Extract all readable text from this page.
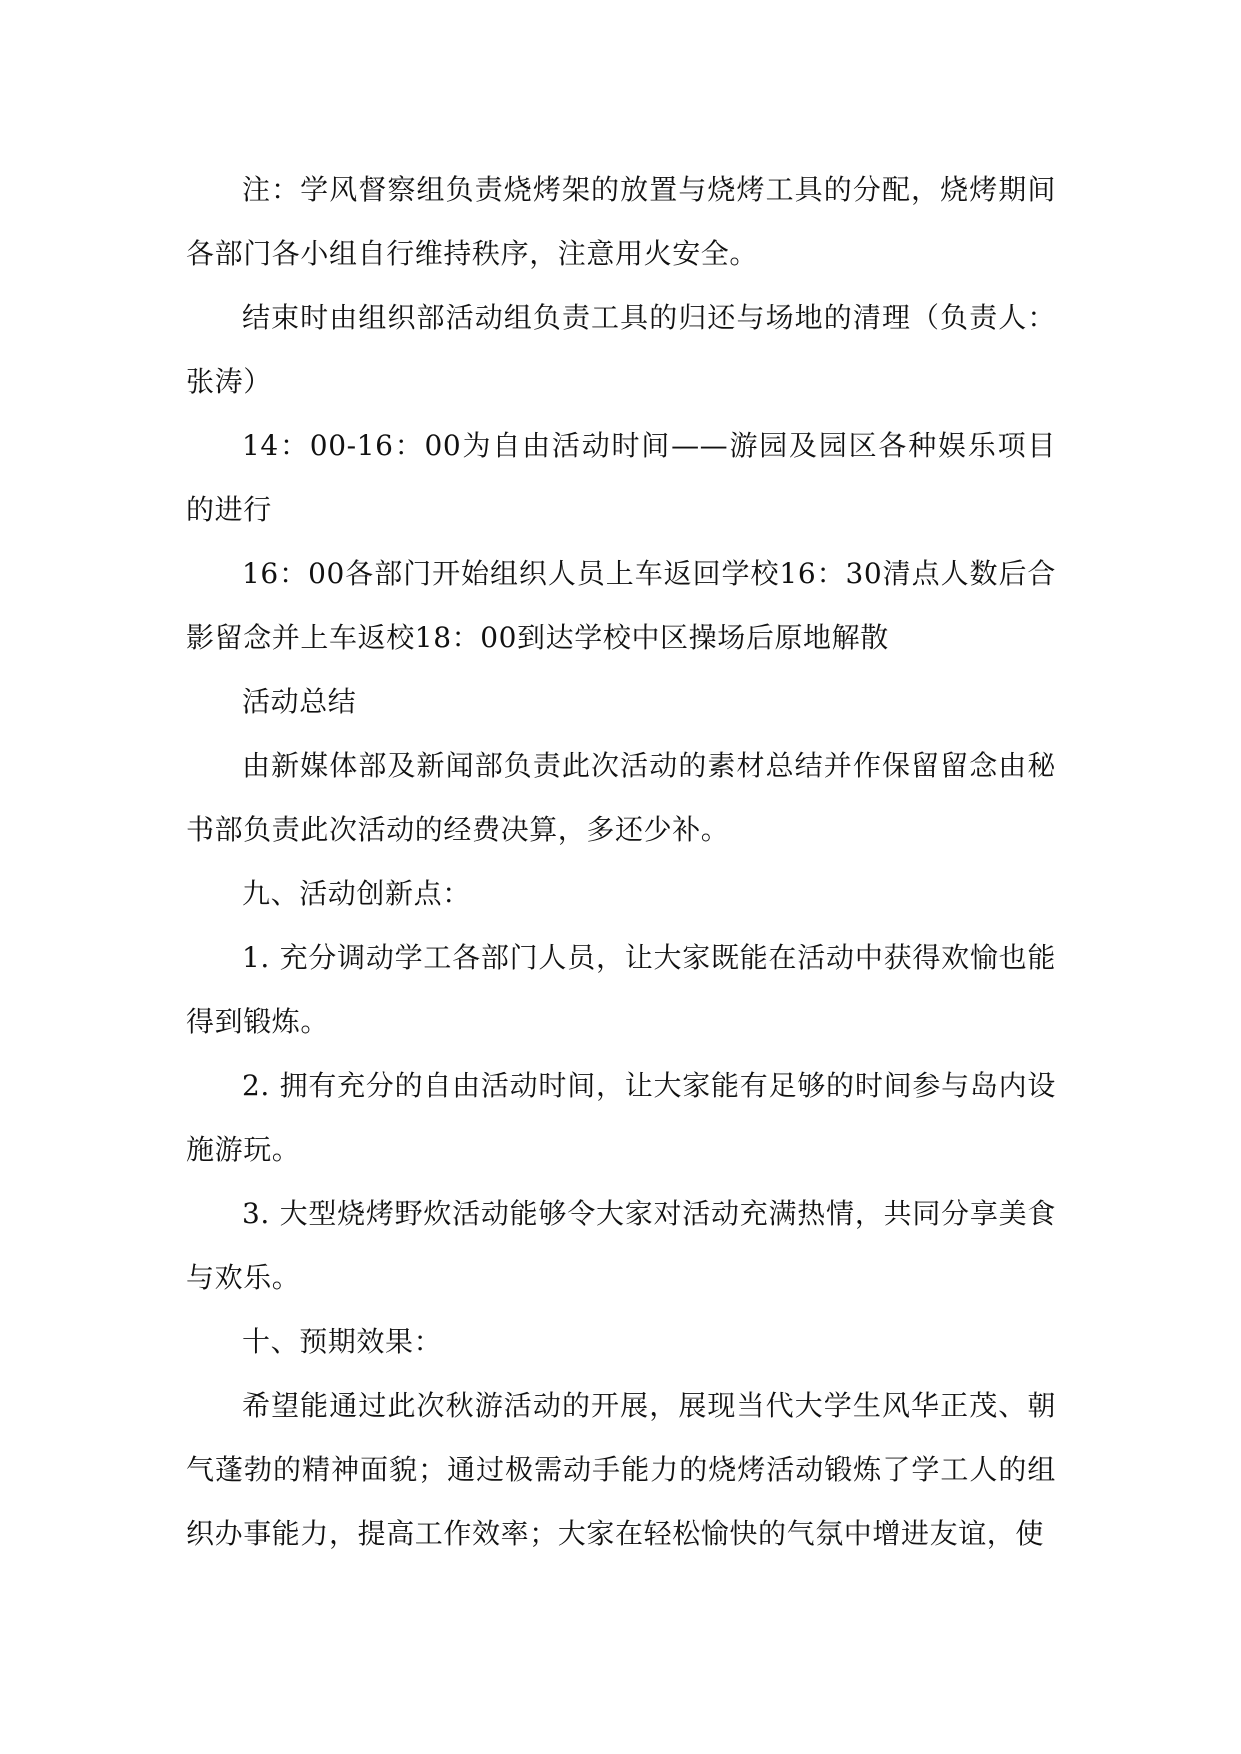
注：学风督察组负责烧烤架的放置与烧烤工具的分配，烧烤期间各部门各小组自行维持秩序，注意用火安全。

结束时由组织部活动组负责工具的归还与场地的清理（负责人：张涛）

14：00-16：00为自由活动时间——游园及园区各种娱乐项目的进行

16：00各部门开始组织人员上车返回学校16：30清点人数后合影留念并上车返校18：00到达学校中区操场后原地解散

活动总结

由新媒体部及新闻部负责此次活动的素材总结并作保留留念由秘书部负责此次活动的经费决算，多还少补。

九、活动创新点：

1. 充分调动学工各部门人员，让大家既能在活动中获得欢愉也能得到锻炼。

2. 拥有充分的自由活动时间，让大家能有足够的时间参与岛内设施游玩。

3. 大型烧烤野炊活动能够令大家对活动充满热情，共同分享美食与欢乐。

十、预期效果：

希望能通过此次秋游活动的开展，展现当代大学生风华正茂、朝气蓬勃的精神面貌；通过极需动手能力的烧烤活动锻炼了学工人的组织办事能力，提高工作效率；大家在轻松愉快的气氛中增进友谊，使
